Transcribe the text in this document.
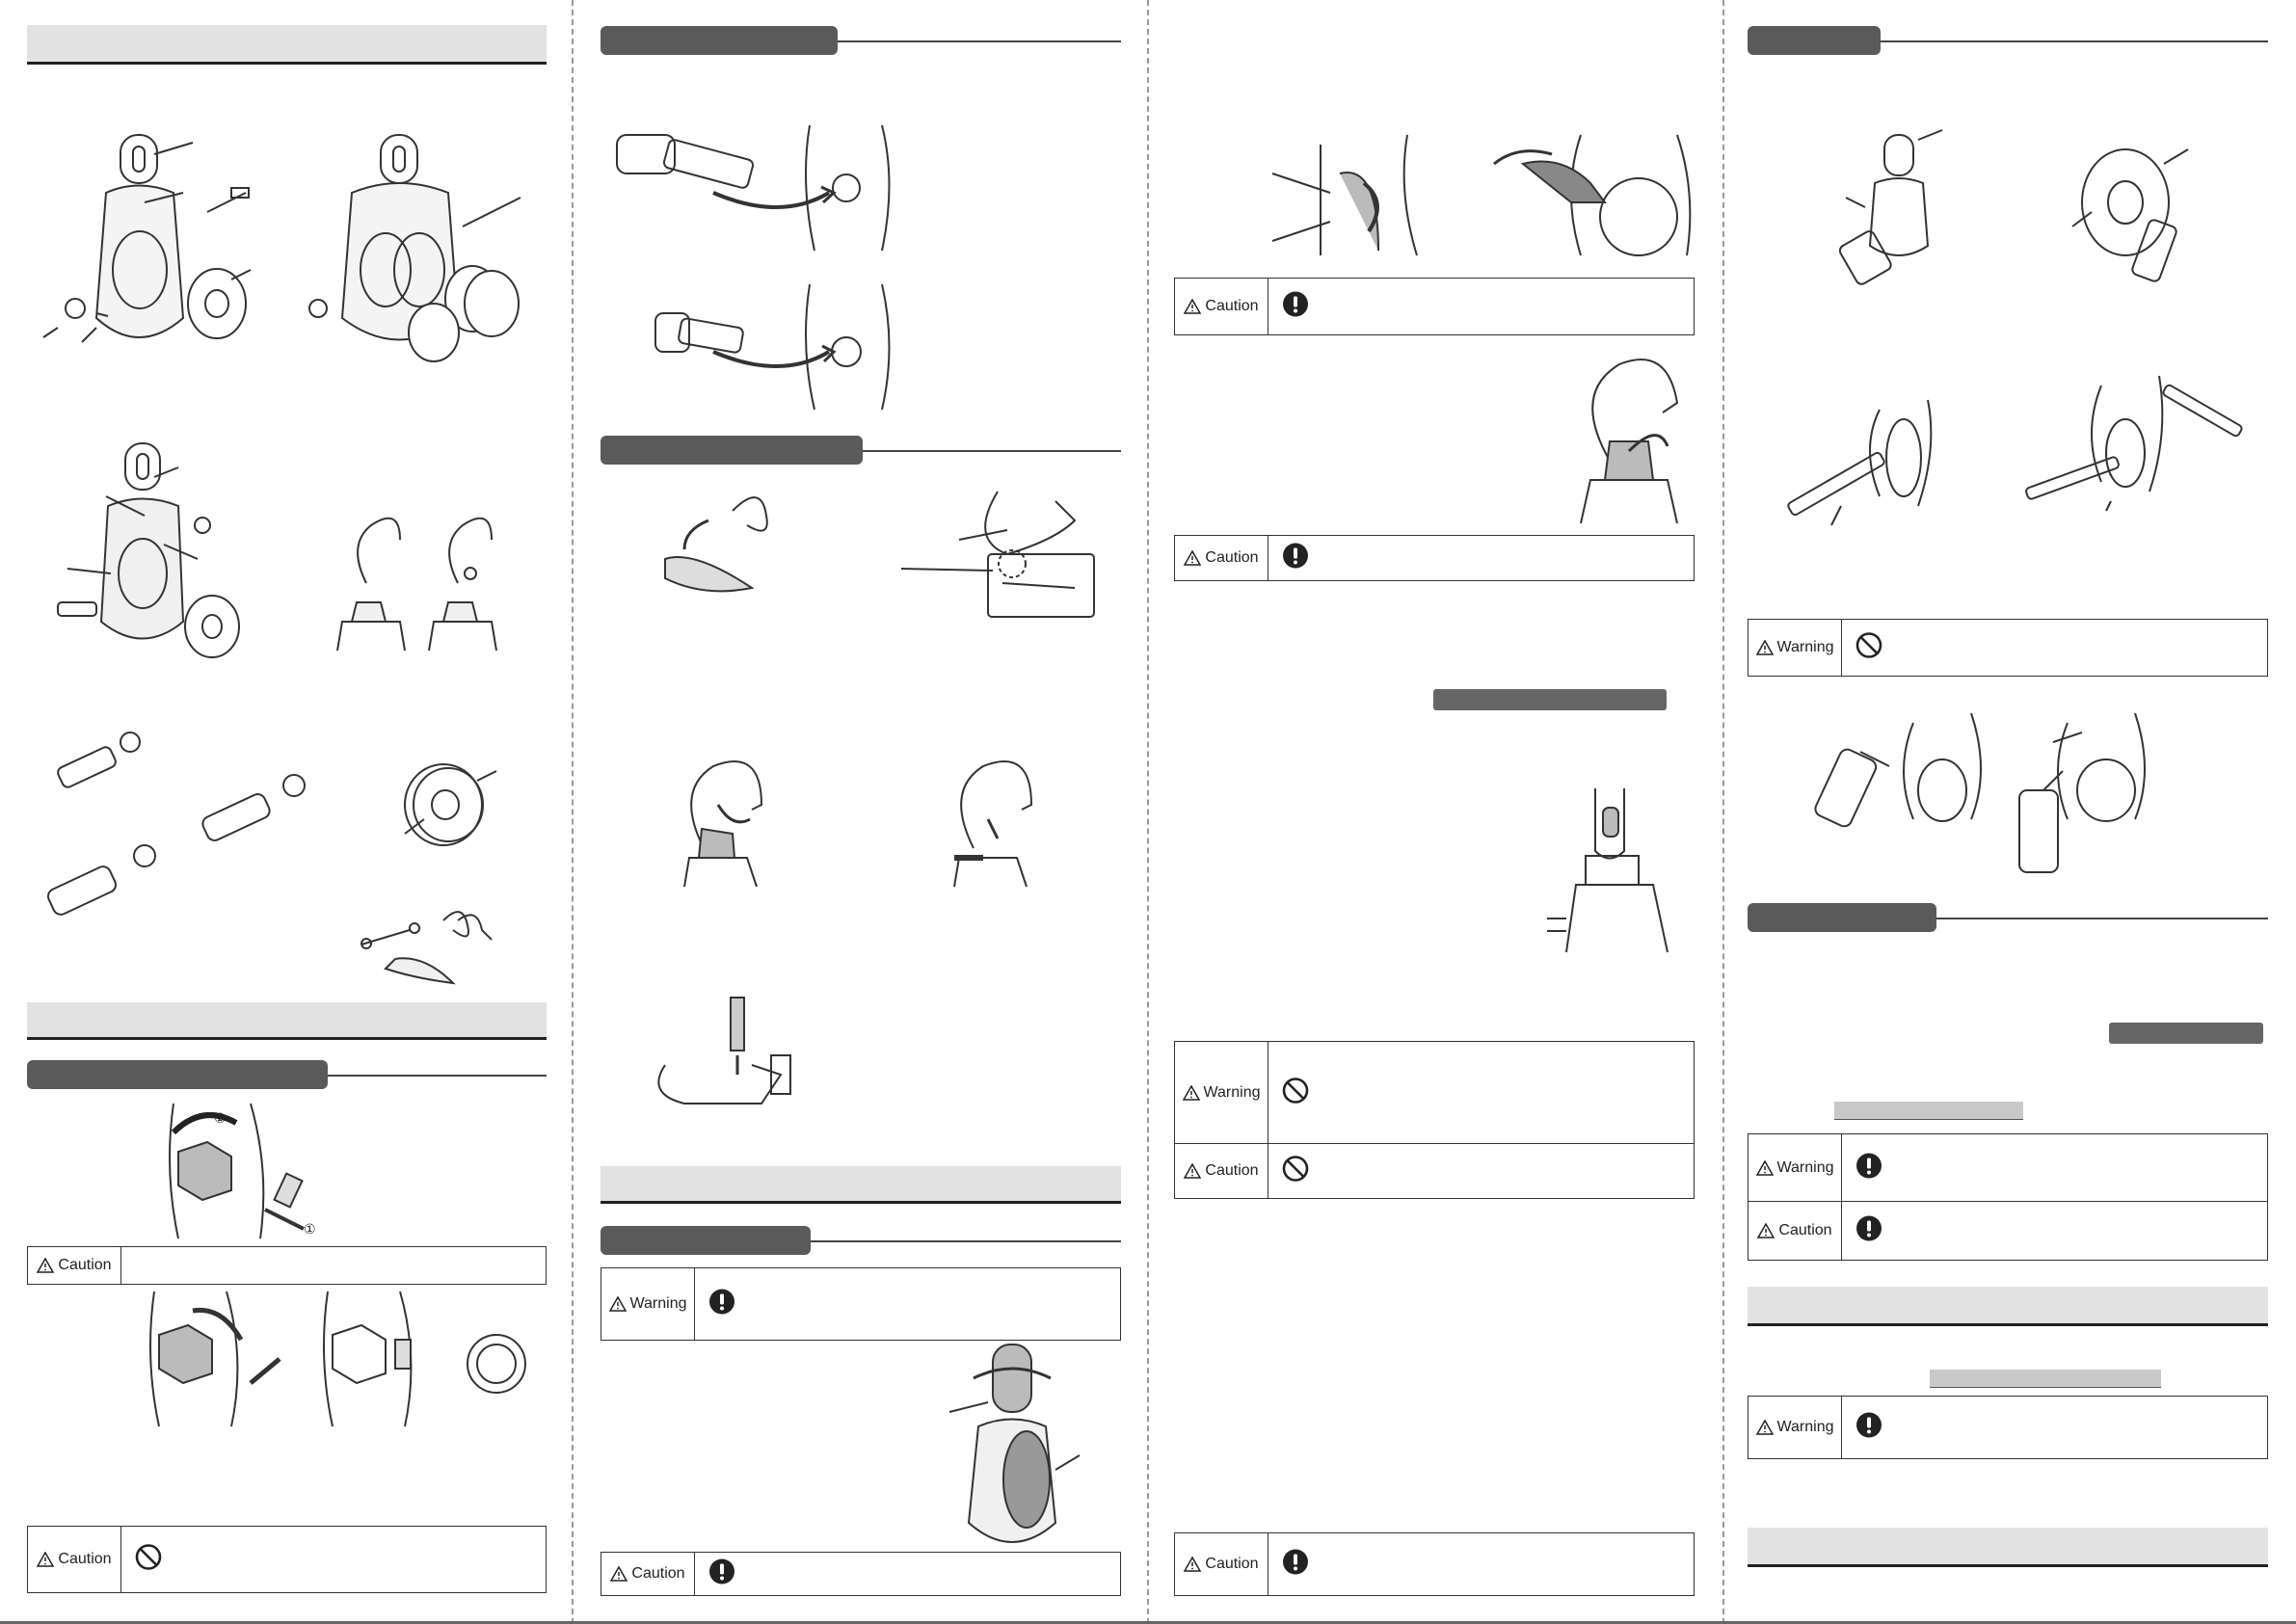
②
①
Caution
Caution
Warning
Caution
Caution
Caution
Warning
Caution
Caution
Warning
Warning
Caution
Warning
